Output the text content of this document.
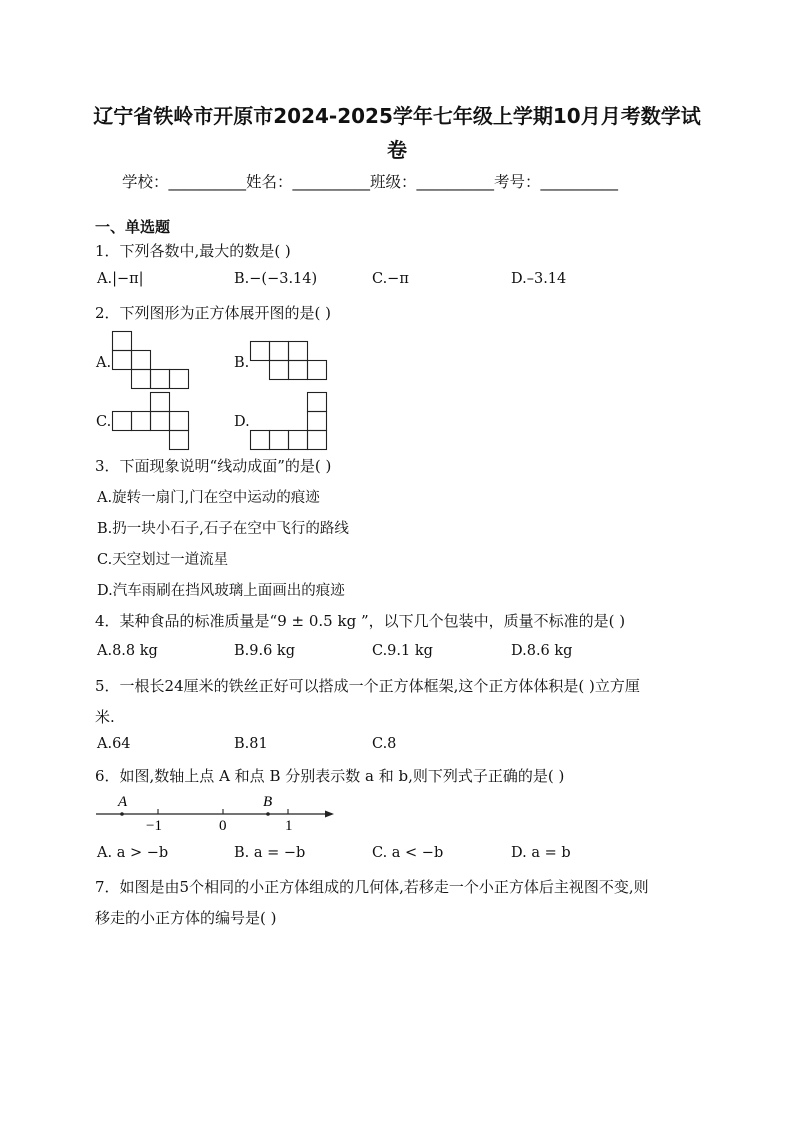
辽宁省铁岭市开原市2024-2025学年七年级上学期10月月考数学试
卷
学校：__________姓名：__________班级：__________考号：__________
一、单选题
1．下列各数中,最大的数是( )
A.|−π|	B.−(−3.14)	C.−π	D.–3.14
2．下列图形为正方体展开图的是( )
A.	B.
C.	D.
3．下面现象说明“线动成面”的是( )
A.旋转一扇门,门在空中运动的痕迹
B.扔一块小石子,石子在空中飞行的路线
C.天空划过一道流星
D.汽车雨刷在挡风玻璃上面画出的痕迹
4．某种食品的标准质量是“9 ± 0.5 kg ”，以下几个包装中，质量不标准的是( )
A.8.8 kg	B.9.6 kg	C.9.1 kg	D.8.6 kg
5．一根长24厘米的铁丝正好可以搭成一个正方体框架,这个正方体体积是( )立方厘
米.
A.64	B.81	C.8
6．如图,数轴上点 A 和点 B 分别表示数 a 和 b,则下列式子正确的是( )
A	B
−1	0	1
A. a > −b	B. a = −b	C. a < −b	D. a = b
7．如图是由5个相同的小正方体组成的几何体,若移走一个小正方体后主视图不变,则
移走的小正方体的编号是( )
